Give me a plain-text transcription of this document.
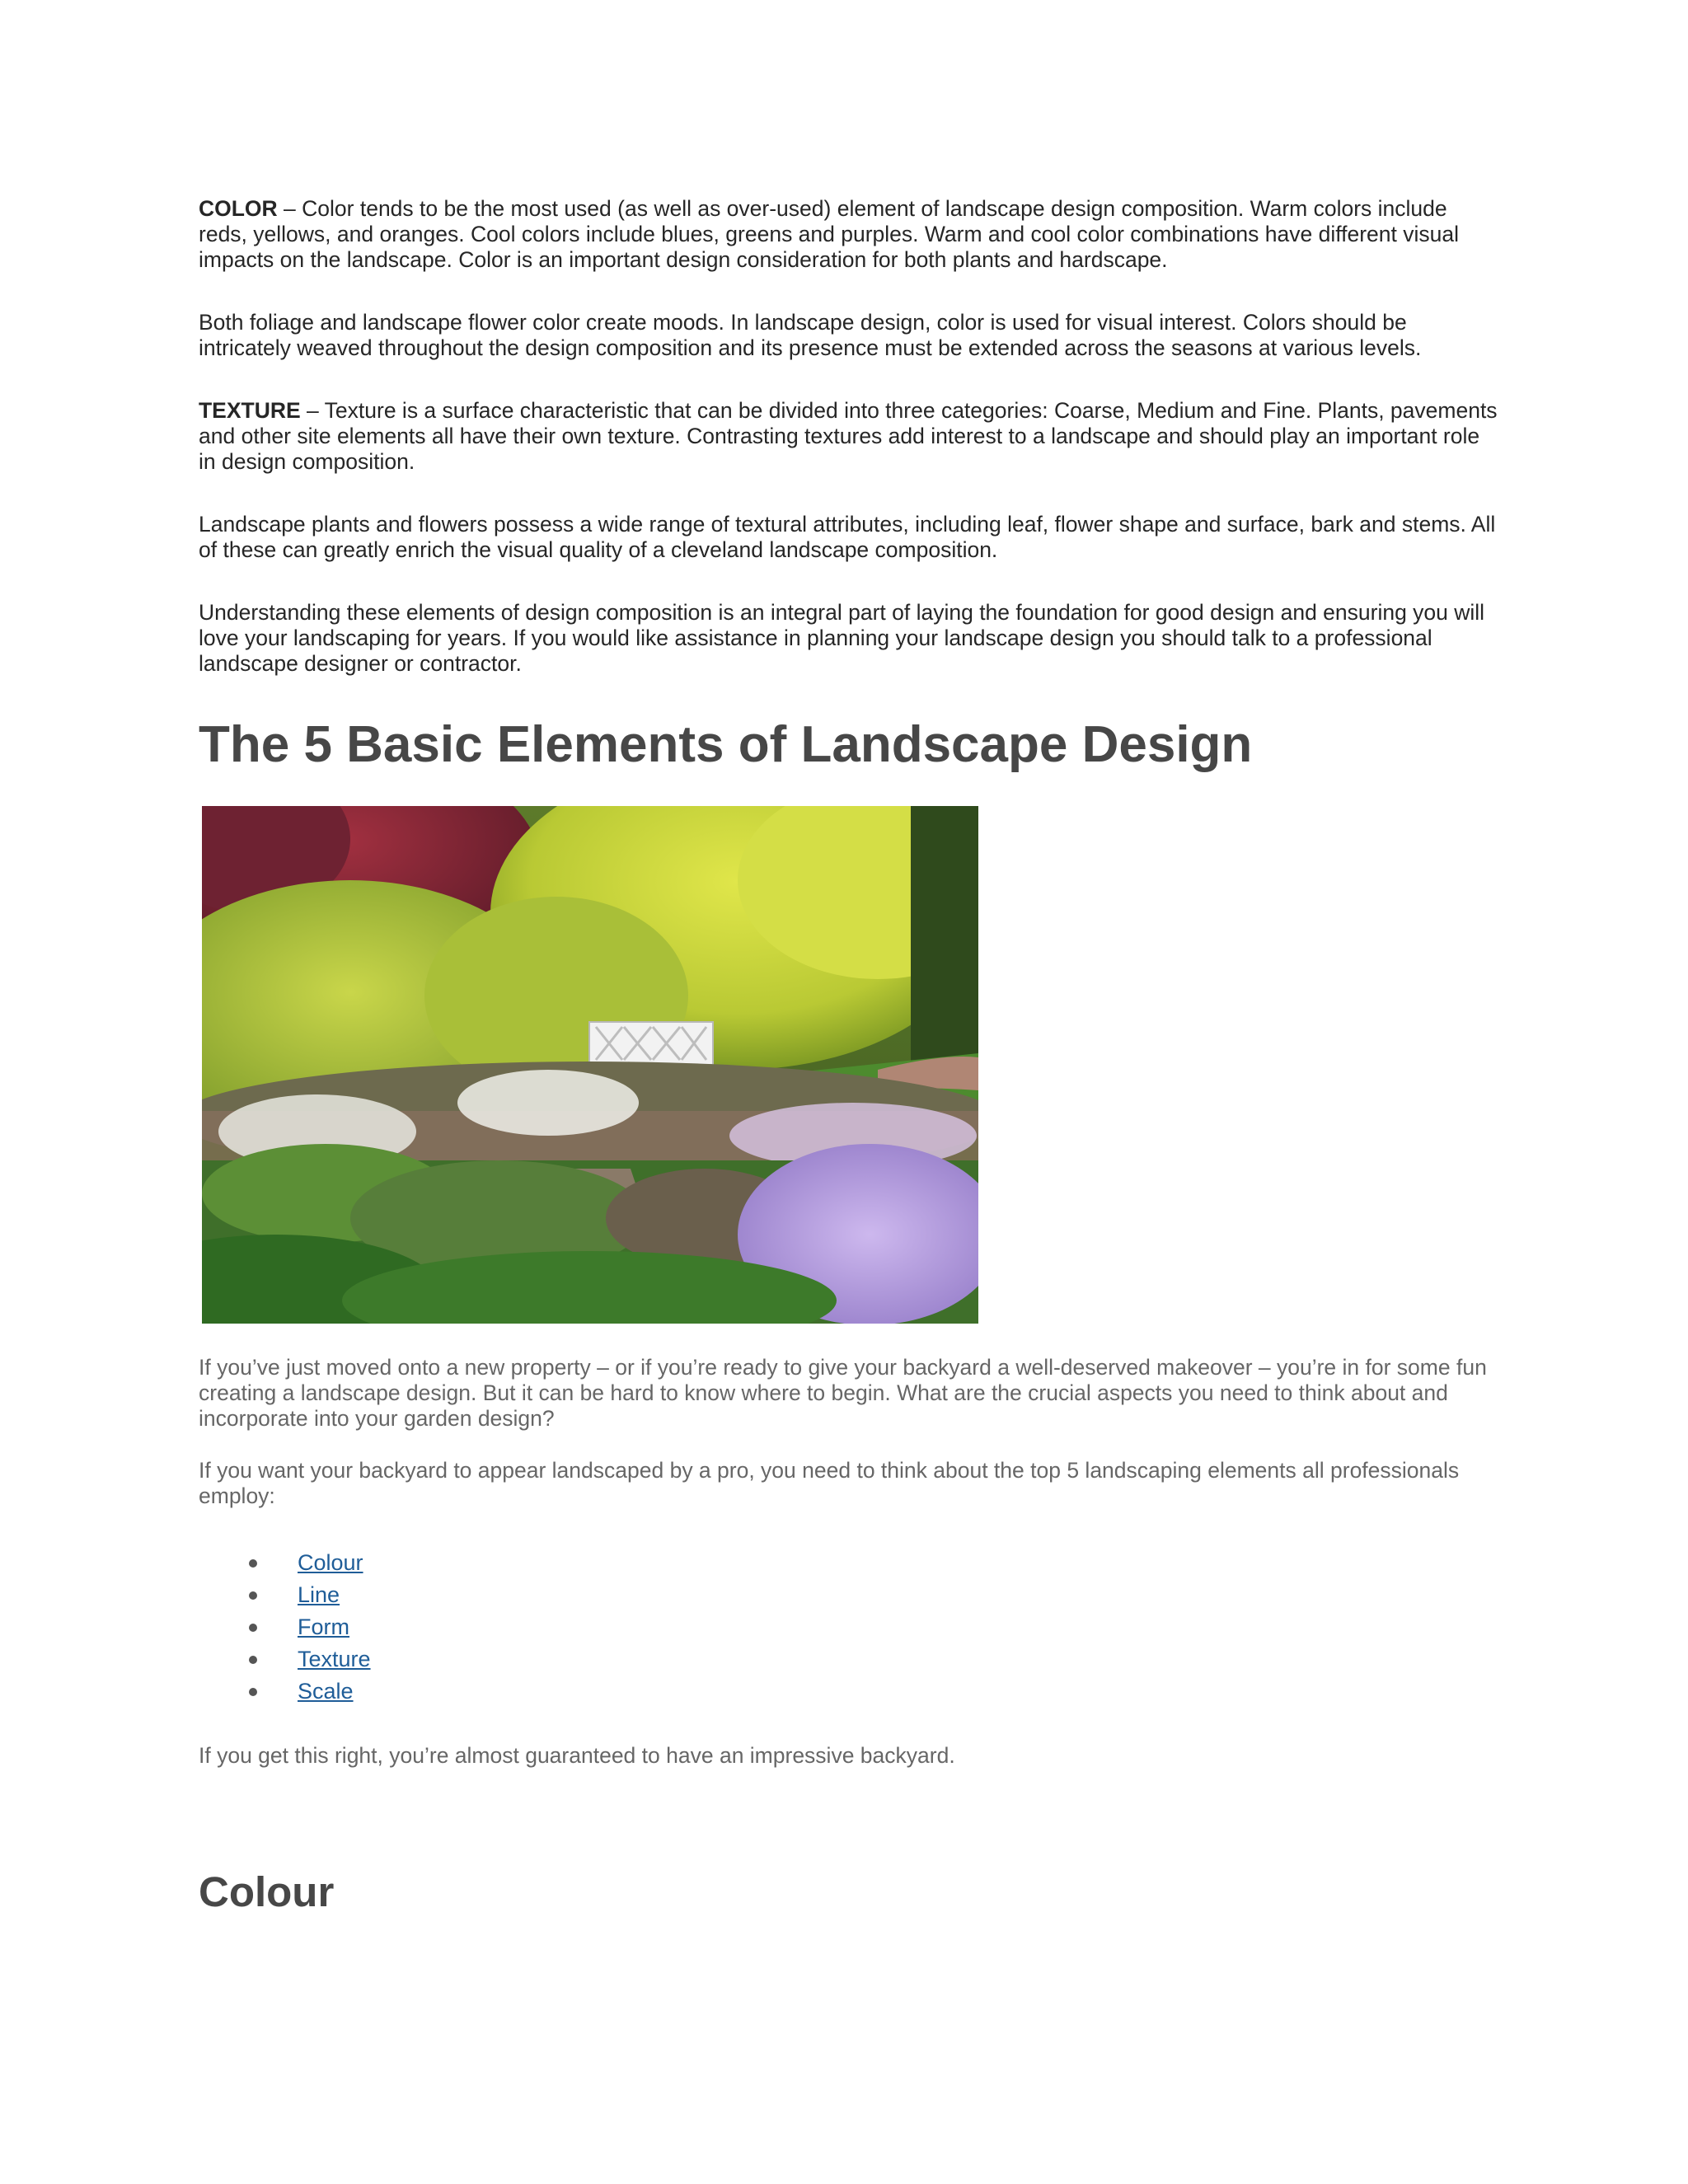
COLOR – Color tends to be the most used (as well as over-used) element of landscape design composition. Warm colors include reds, yellows, and oranges. Cool colors include blues, greens and purples. Warm and cool color combinations have different visual impacts on the landscape. Color is an important design consideration for both plants and hardscape.

Both foliage and landscape flower color create moods. In landscape design, color is used for visual interest. Colors should be intricately weaved throughout the design composition and its presence must be extended across the seasons at various levels.

TEXTURE – Texture is a surface characteristic that can be divided into three categories: Coarse, Medium and Fine. Plants, pavements and other site elements all have their own texture. Contrasting textures add interest to a landscape and should play an important role in design composition.

Landscape plants and flowers possess a wide range of textural attributes, including leaf, flower shape and surface, bark and stems. All of these can greatly enrich the visual quality of a cleveland landscape composition.

Understanding these elements of design composition is an integral part of laying the foundation for good design and ensuring you will love your landscaping for years. If you would like assistance in planning your landscape design you should talk to a professional landscape designer or contractor.

The 5 Basic Elements of Landscape Design

If you’ve just moved onto a new property – or if you’re ready to give your backyard a well-deserved makeover – you’re in for some fun creating a landscape design. But it can be hard to know where to begin. What are the crucial aspects you need to think about and incorporate into your garden design?

If you want your backyard to appear landscaped by a pro, you need to think about the top 5 landscaping elements all professionals employ:

Colour
Line
Form
Texture
Scale

If you get this right, you’re almost guaranteed to have an impressive backyard.

Colour
